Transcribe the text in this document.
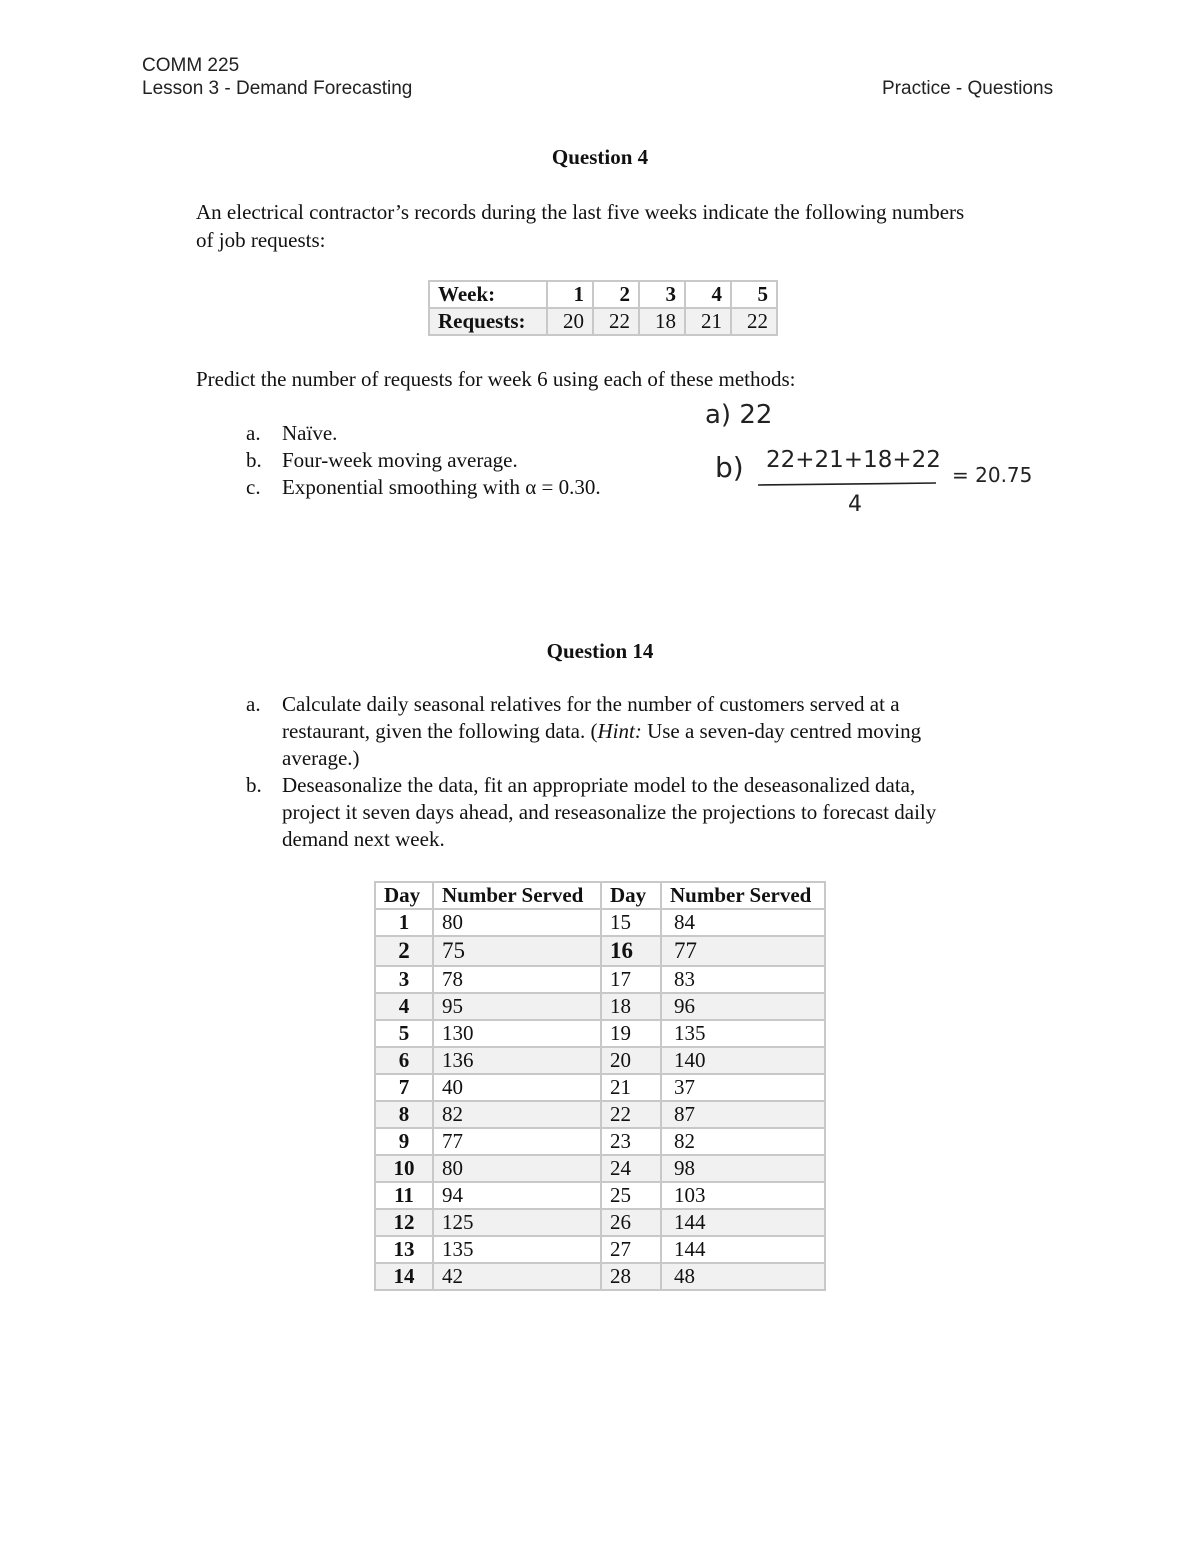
COMM 225
Lesson 3 - Demand Forecasting	Practice - Questions
Question 4
An electrical contractor’s records during the last five weeks indicate the following numbers
of job requests:
Week:	1	2	3	4	5
Requests:	20	22	18	21	22
Predict the number of requests for week 6 using each of these methods:
a. Naïve.
b. Four-week moving average.
c. Exponential smoothing with α = 0.30.
a) 22
b) 22+21+18+22
4
= 20.75
Question 14
a. Calculate daily seasonal relatives for the number of customers served at a
restaurant, given the following data. (Hint: Use a seven-day centred moving
average.)
b. Deseasonalize the data, fit an appropriate model to the deseasonalized data,
project it seven days ahead, and reseasonalize the projections to forecast daily
demand next week.
Day	Number Served	Day	Number Served
1	80	15	84
2	75	16	77
3	78	17	83
4	95	18	96
5	130	19	135
6	136	20	140
7	40	21	37
8	82	22	87
9	77	23	82
10	80	24	98
11	94	25	103
12	125	26	144
13	135	27	144
14	42	28	48
